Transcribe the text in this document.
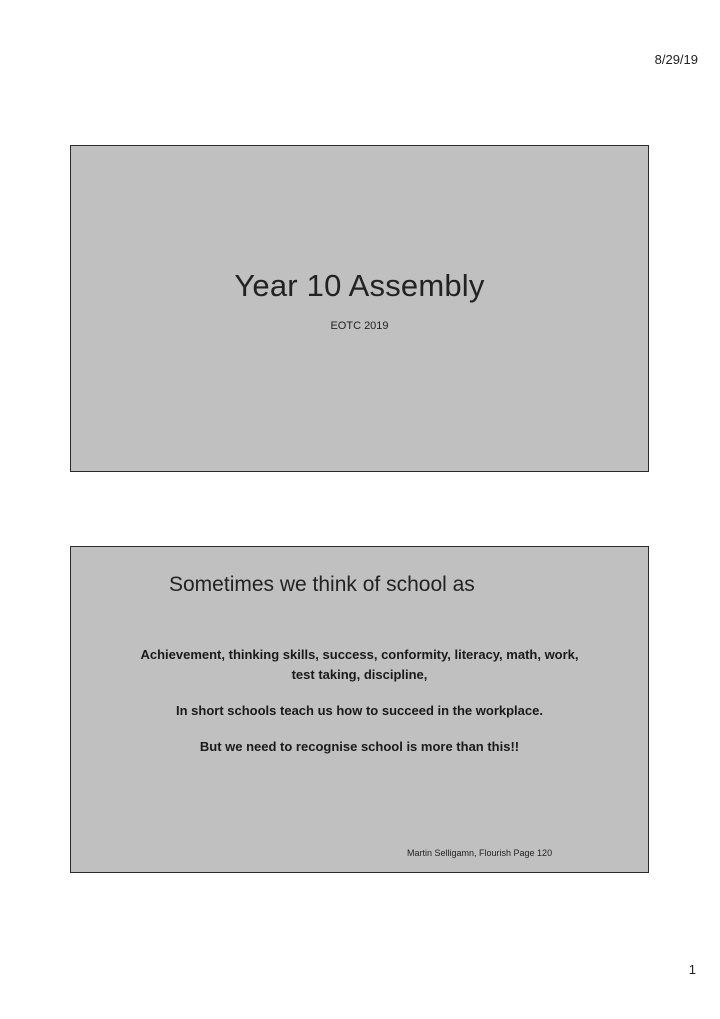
8/29/19
Year 10 Assembly
EOTC 2019
Sometimes we think of school as

Achievement, thinking skills, success, conformity, literacy, math, work, test taking, discipline,

In short schools teach us how to succeed in the workplace.

But we need to recognise school is more than this!!

Martin Selligamn, Flourish Page 120
1
